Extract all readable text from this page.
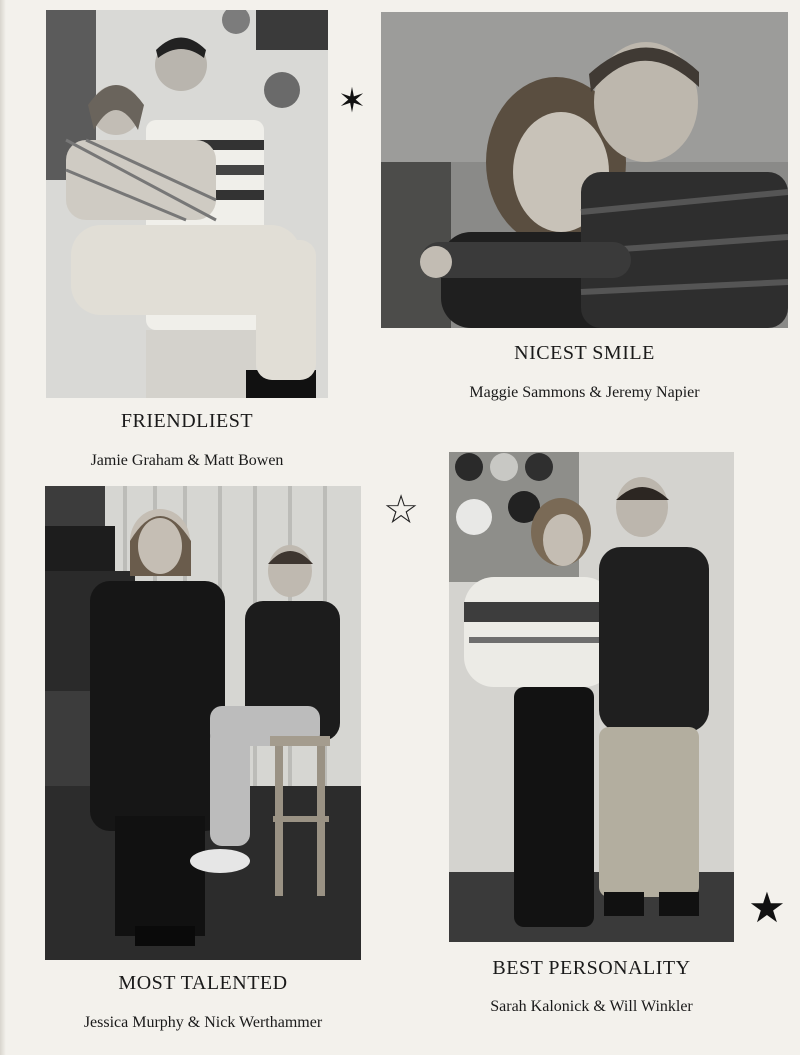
✶
FRIENDLIEST
Jamie Graham & Matt Bowen
NICEST SMILE
Maggie Sammons & Jeremy Napier
☆
★
MOST TALENTED
Jessica Murphy & Nick Werthammer
BEST PERSONALITY
Sarah Kalonick & Will Winkler
